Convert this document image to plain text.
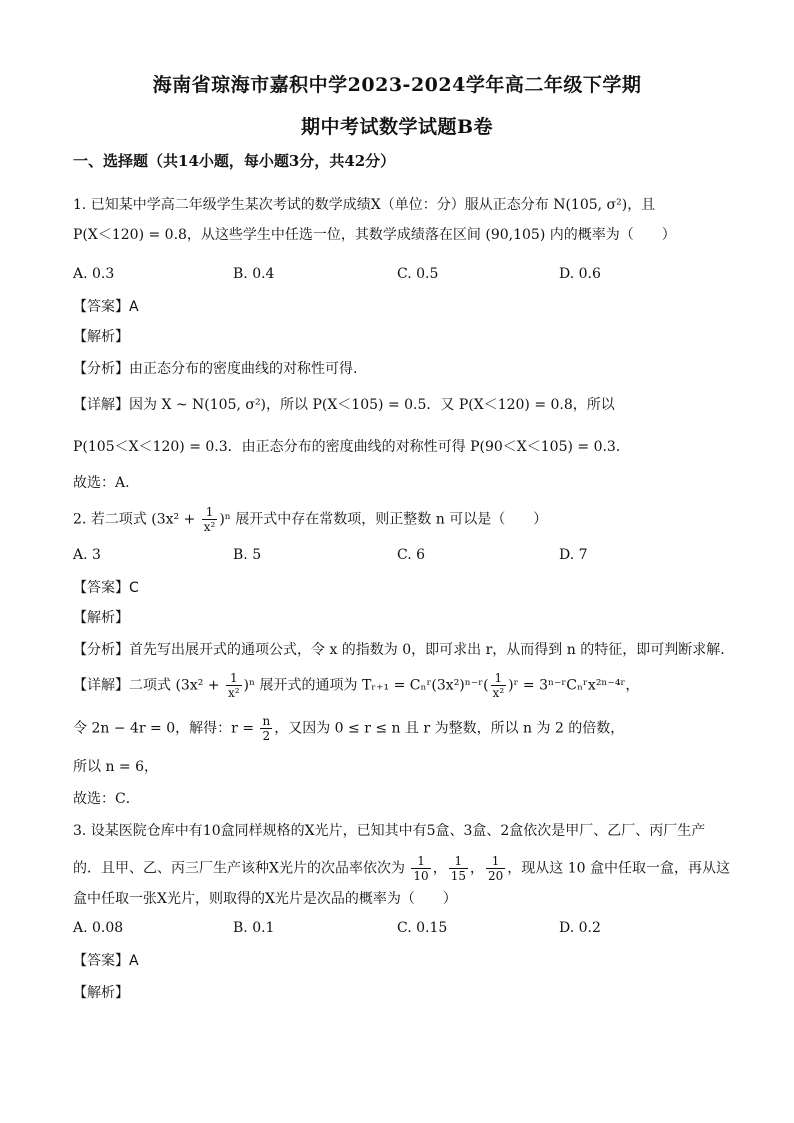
海南省琼海市嘉积中学2023-2024学年高二年级下学期
期中考试数学试题B卷
一、选择题（共14小题，每小题3分，共42分）
1. 已知某中学高二年级学生某次考试的数学成绩X（单位：分）服从正态分布 N(105, σ²)，且
P(X＜120) = 0.8，从这些学生中任选一位，其数学成绩落在区间 (90,105) 内的概率为（　　）
A. 0.3	B. 0.4	C. 0.5	D. 0.6
【答案】A
【解析】
【分析】由正态分布的密度曲线的对称性可得.
【详解】因为 X ~ N(105, σ²)，所以 P(X＜105) = 0.5．又 P(X＜120) = 0.8，所以
P(105＜X＜120) = 0.3．由正态分布的密度曲线的对称性可得 P(90＜X＜105) = 0.3．
故选：A.
2. 若二项式 $(3x^2 + \frac{1}{\text{x²}} )^n$ 展开式中存在常数项，则正整数 n 可以是（　　）
A. 3	B. 5	C. 6	D. 7
【答案】C
【解析】
【分析】首先写出展开式的通项公式，令 x 的指数为 0，即可求出 r，从而得到 n 的特征，即可判断求解.
【详解】二项式 $(3x^2 + \frac{1}{\text{x²}} )^n$ 展开式的通项为 Tᵣ₊₁ = Cₙʳ(3x²)ⁿ⁻ʳ( $\frac{1}{\text{x²}}$ )ʳ = 3ⁿ⁻ʳCₙʳx²ⁿ⁻⁴ʳ，
令 2n − 4r = 0，解得：$r = \frac{n}{2}$ ，又因为 0 ≤ r ≤ n 且 r 为整数，所以 n 为 2 的倍数，
所以 n = 6，
故选：C．
3. 设某医院仓库中有10盒同样规格的X光片，已知其中有5盒、3盒、2盒依次是甲厂、乙厂、丙厂生产
的．且甲、乙、丙三厂生产该种X光片的次品率依次为 $\frac{1}{10}$ ， $\frac{1}{15}$ ， $\frac{1}{20}$ ，现从这 10 盒中任取一盒，再从这
盒中任取一张X光片，则取得的X光片是次品的概率为（　　）
A. 0.08	B. 0.1	C. 0.15	D. 0.2
【答案】A
【解析】
